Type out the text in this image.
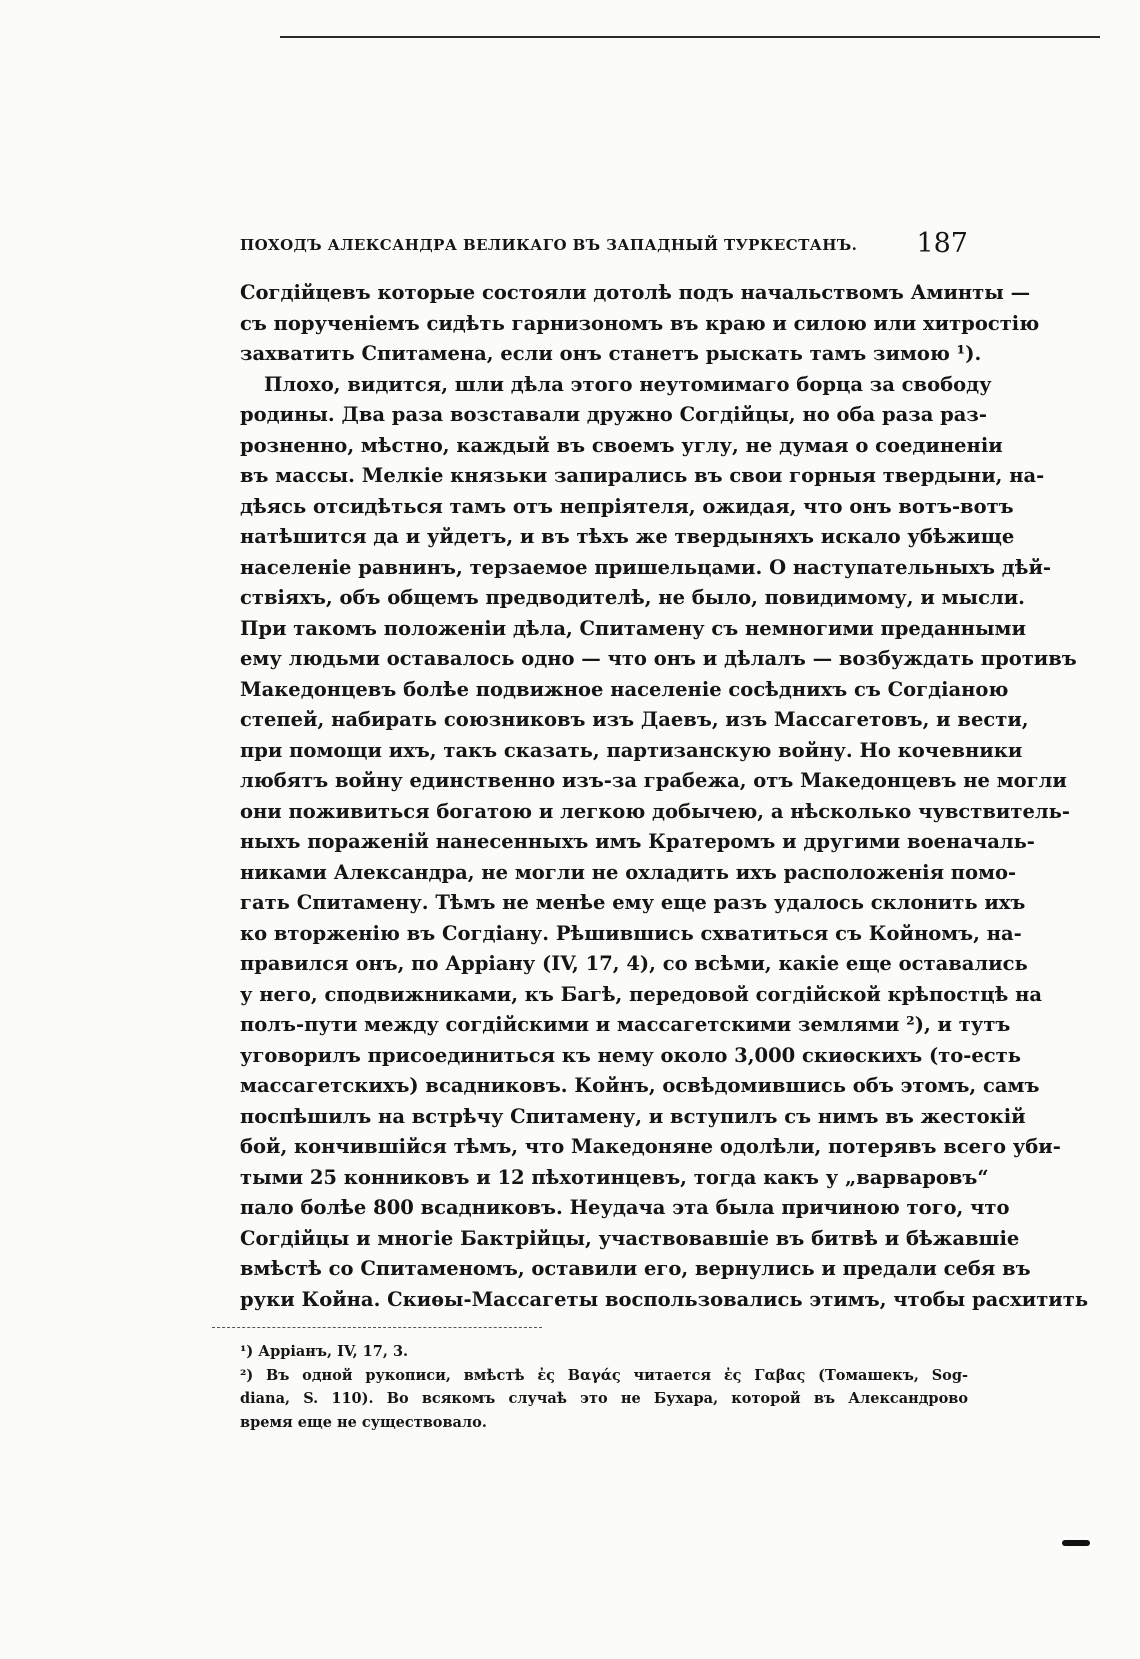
ПОХОДЪ АЛЕКСАНДРА ВЕЛИКАГО ВЪ ЗАПАДНЫЙ ТУРКЕСТАНЪ. 187
Согдійцевъ которые состояли дотолѣ подъ начальствомъ Аминты —
съ порученіемъ сидѣть гарнизономъ въ краю и силою или хитростію
захватить Спитамена, если онъ станетъ рыскать тамъ зимою ¹).
Плохо, видится, шли дѣла этого неутомимаго борца за свободу
родины. Два раза возставали дружно Согдійцы, но оба раза раз-
розненно, мѣстно, каждый въ своемъ углу, не думая о соединеніи
въ массы. Мелкіе князьки запирались въ свои горныя твердыни, на-
дѣясь отсидѣться тамъ отъ непріятеля, ожидая, что онъ вотъ-вотъ
натѣшится да и уйдетъ, и въ тѣхъ же твердыняхъ искало убѣжище
населеніе равнинъ, терзаемое пришельцами. О наступательныхъ дѣй-
ствіяхъ, объ общемъ предводителѣ, не было, повидимому, и мысли.
При такомъ положеніи дѣла, Спитамену съ немногими преданными
ему людьми оставалось одно — что онъ и дѣлалъ — возбуждать противъ
Македонцевъ болѣе подвижное населеніе сосѣднихъ съ Согдіаною
степей, набирать союзниковъ изъ Даевъ, изъ Массагетовъ, и вести,
при помощи ихъ, такъ сказать, партизанскую войну. Но кочевники
любятъ войну единственно изъ-за грабежа, отъ Македонцевъ не могли
они поживиться богатою и легкою добычею, а нѣсколько чувствитель-
ныхъ пораженій нанесенныхъ имъ Кратеромъ и другими военачаль-
никами Александра, не могли не охладить ихъ расположенія помо-
гать Спитамену. Тѣмъ не менѣе ему еще разъ удалось склонить ихъ
ко вторженію въ Согдіану. Рѣшившись схватиться съ Койномъ, на-
правился онъ, по Арріану (IV, 17, 4), со всѣми, какіе еще оставались
у него, сподвижниками, къ Багѣ, передовой согдійской крѣпостцѣ на
полъ-пути между согдійскими и массагетскими землями ²), и тутъ
уговорилъ присоединиться къ нему около 3,000 скиѳскихъ (то-есть
массагетскихъ) всадниковъ. Койнъ, освѣдомившись объ этомъ, самъ
поспѣшилъ на встрѣчу Спитамену, и вступилъ съ нимъ въ жестокій
бой, кончившійся тѣмъ, что Македоняне одолѣли, потерявъ всего уби-
тыми 25 конниковъ и 12 пѣхотинцевъ, тогда какъ у „варваровъ“
пало болѣе 800 всадниковъ. Неудача эта была причиною того, что
Согдійцы и многіе Бактрійцы, участвовавшіе въ битвѣ и бѣжавшіе
вмѣстѣ со Спитаменомъ, оставили его, вернулись и предали себя въ
руки Койна. Скиѳы-Массагеты воспользовались этимъ, чтобы расхитить
¹) Арріанъ, IV, 17, 3.
²) Въ одной рукописи, вмѣстѣ ἐς Βαγάς читается ἐς Γαβας (Томашекъ, Sog-
diana, S. 110). Во всякомъ случаѣ это не Бухара, которой въ Александрово
время еще не существовало.
